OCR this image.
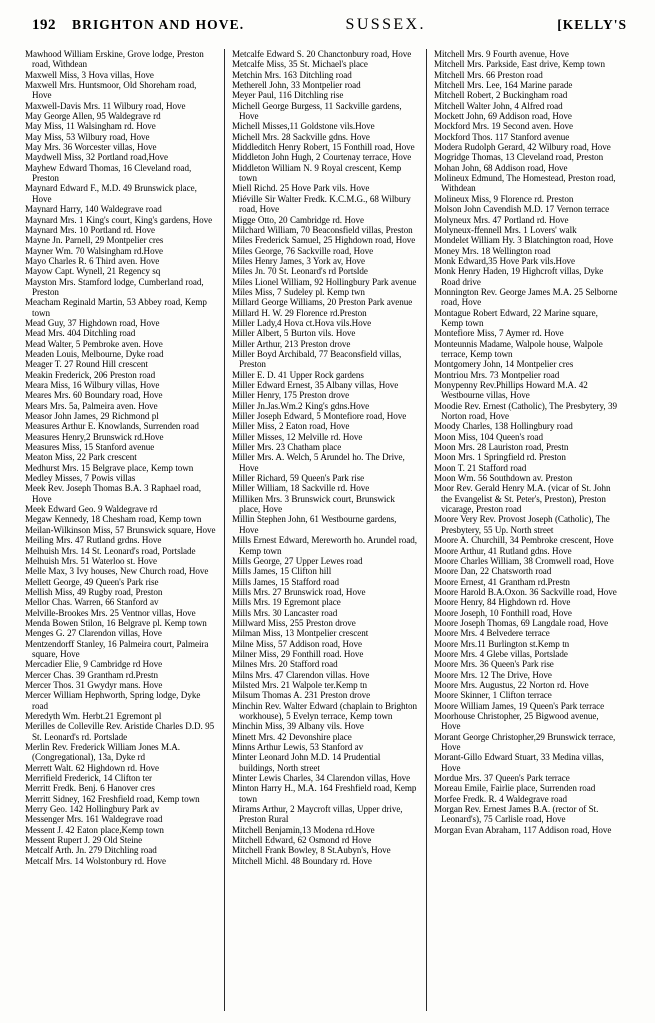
192	BRIGHTON AND HOVE.	SUSSEX.	[KELLY'S

Mawhood William Erskine, Grove lodge, Preston road, Withdean

Maxwell Miss, 3 Hova villas, Hove

Maxwell Mrs. Huntsmoor, Old Shoreham road, Hove

Maxwell-Davis Mrs. 11 Wilbury road, Hove

May George Allen, 95 Waldegrave rd

May Miss, 11 Walsingham rd. Hove

May Miss, 53 Wilbury road, Hove

May Mrs. 36 Worcester villas, Hove

Maydwell Miss, 32 Portland road,Hove

Mayhew Edward Thomas, 16 Cleveland road, Preston

Maynard Edward F., M.D. 49 Brunswick place, Hove

Maynard Harry, 140 Waldegrave road

Maynard Mrs. 1 King's court, King's gardens, Hove

Maynard Mrs. 10 Portland rd. Hove

Mayne Jn. Parnell, 29 Montpelier cres

Mayner Wm. 70 Walsingham rd.Hove

Mayo Charles R. 6 Third aven. Hove

Mayow Capt. Wynell, 21 Regency sq

Mayston Mrs. Stamford lodge, Cumberland road, Preston

Meacham Reginald Martin, 53 Abbey road, Kemp town

Mead Guy, 37 Highdown road, Hove

Mead Mrs. 404 Ditchling road

Mead Walter, 5 Pembroke aven. Hove

Meaden Louis, Melbourne, Dyke road

Meager T. 27 Round Hill crescent

Meakin Frederick, 206 Preston road

Meara Miss, 16 Wilbury villas, Hove

Meares Mrs. 60 Boundary road, Hove

Mears Mrs. 5a, Palmeira aven. Hove

Measor John James, 29 Richmond pl

Measures Arthur E. Knowlands, Surrenden road

Measures Henry,2 Brunswick rd.Hove

Measures Miss, 15 Stanford avenue

Meaton Miss, 22 Park crescent

Medhurst Mrs. 15 Belgrave place, Kemp town

Medley Misses, 7 Powis villas

Meek Rev. Joseph Thomas B.A. 3 Raphael road, Hove

Meek Edward Geo. 9 Waldegrave rd

Megaw Kennedy, 18 Chesham road, Kemp town

Meilan-Wilkinson Miss, 57 Brunswick square, Hove

Meiling Mrs. 47 Rutland grdns. Hove

Melhuish Mrs. 14 St. Leonard's road, Portslade

Melhuish Mrs. 51 Waterloo st. Hove

Melle Max, 3 Ivy houses, New Church road, Hove

Mellett George, 49 Queen's Park rise

Mellish Miss, 49 Rugby road, Preston

Mellor Chas. Warren, 66 Stanford av

Melville-Brookes Mrs. 25 Ventnor villas, Hove

Menda Bowen Stilon, 16 Belgrave pl. Kemp town

Menges G. 27 Clarendon villas, Hove

Mentzendorff Stanley, 16 Palmeira court, Palmeira square, Hove

Mercadier Elie, 9 Cambridge rd Hove

Mercer Chas. 39 Grantham rd.Prestn

Mercer Thos. 31 Gwydyr mans. Hove

Mercer William Hephworth, Spring lodge, Dyke road

Meredyth Wm. Herbt.21 Egremont pl

Merilles de Colleville Rev. Aristide Charles D.D. 95 St. Leonard's rd. Portslade

Merlin Rev. Frederick William Jones M.A. (Congregational), 13a, Dyke rd

Merrett Walt. 62 Highdown rd. Hove

Merrifield Frederick, 14 Clifton ter

Merritt Fredk. Benj. 6 Hanover cres

Merritt Sidney, 162 Freshfield road, Kemp town

Merry Geo. 142 Hollingbury Park av

Messenger Mrs. 161 Waldegrave road

Messent J. 42 Eaton place,Kemp town

Messent Rupert J. 29 Old Steine

Metcalf Arth. Jn. 279 Ditchling road

Metcalf Mrs. 14 Wolstonbury rd. Hove

Metcalfe Edward S. 20 Chanctonbury road, Hove

Metcalfe Miss, 35 St. Michael's place

Metchin Mrs. 163 Ditchling road

Metherell John, 33 Montpelier road

Meyer Paul, 116 Ditchling rise

Michell George Burgess, 11 Sackville gardens, Hove

Michell Misses,11 Goldstone vils.Hove

Michell Mrs. 28 Sackville gdns. Hove

Middleditch Henry Robert, 15 Fonthill road, Hove

Middleton John Hugh, 2 Courtenay terrace, Hove

Middleton William N. 9 Royal crescent, Kemp town

Miell Richd. 25 Hove Park vils. Hove

Miéville Sir Walter Fredk. K.C.M.G., 68 Wilbury road, Hove

Migge Otto, 20 Cambridge rd. Hove

Milchard William, 70 Beaconsfield villas, Preston

Miles Frederick Samuel, 25 Highdown road, Hove

Miles George, 76 Sackville road, Hove

Miles Henry James, 3 York av, Hove

Miles Jn. 70 St. Leonard's rd Portslde

Miles Lionel William, 92 Hollingbury Park avenue

Miles Miss, 7 Sudeley pl. Kemp twn

Millard George Williams, 20 Preston Park avenue

Millard H. W. 29 Florence rd.Preston

Miller Lady,4 Hova ct.Hova vils.Hove

Miller Albert, 5 Burton vils. Hove

Miller Arthur, 213 Preston drove

Miller Boyd Archibald, 77 Beaconsfield villas, Preston

Miller E. D. 41 Upper Rock gardens

Miller Edward Ernest, 35 Albany villas, Hove

Miller Henry, 175 Preston drove

Miller Jn.Jas.Wm.2 King's gdns.Hove

Miller Joseph Edward, 5 Montefiore road, Hove

Miller Miss, 2 Eaton road, Hove

Miller Misses, 12 Melville rd. Hove

Miller Mrs. 23 Chatham place

Miller Mrs. A. Welch, 5 Arundel ho. The Drive, Hove

Miller Richard, 59 Queen's Park rise

Miller William, 18 Sackville rd. Hove

Milliken Mrs. 3 Brunswick court, Brunswick place, Hove

Millin Stephen John, 61 Westbourne gardens, Hove

Mills Ernest Edward, Mereworth ho. Arundel road, Kemp town

Mills George, 27 Upper Lewes road

Mills James, 15 Clifton hill

Mills James, 15 Stafford road

Mills Mrs. 27 Brunswick road, Hove

Mills Mrs. 19 Egremont place

Mills Mrs. 30 Lancaster road

Millward Miss, 255 Preston drove

Milman Miss, 13 Montpelier crescent

Milne Miss, 57 Addison road, Hove

Milner Miss, 29 Fonthill road. Hove

Milnes Mrs. 20 Stafford road

Milns Mrs. 47 Clarendon villas. Hove

Milsted Mrs. 21 Walpole ter.Kemp tn

Milsum Thomas A. 231 Preston drove

Minchin Rev. Walter Edward (chaplain to Brighton workhouse), 5 Evelyn terrace, Kemp town

Minchin Miss, 39 Albany vils. Hove

Minett Mrs. 42 Devonshire place

Minns Arthur Lewis, 53 Stanford av

Minter Leonard John M.D. 14 Prudential buildings, North street

Minter Lewis Charles, 34 Clarendon villas, Hove

Minton Harry H., M.A. 164 Freshfield road, Kemp town

Mirams Arthur, 2 Maycroft villas, Upper drive, Preston Rural

Mitchell Benjamin,13 Modena rd.Hove

Mitchell Edward, 62 Osmond rd Hove

Mitchell Frank Bowley, 8 St.Aubyn's, Hove

Mitchell Michl. 48 Boundary rd. Hove

Mitchell Mrs. 9 Fourth avenue, Hove

Mitchell Mrs. Parkside, East drive, Kemp town

Mitchell Mrs. 66 Preston road

Mitchell Mrs. Lee, 164 Marine parade

Mitchell Robert, 2 Buckingham road

Mitchell Walter John, 4 Alfred road

Mockett John, 69 Addison road, Hove

Mockford Mrs. 19 Second aven. Hove

Mockford Thos. 117 Stanford avenue

Modera Rudolph Gerard, 42 Wilbury road, Hove

Mogridge Thomas, 13 Cleveland road, Preston

Mohan John, 68 Addison road, Hove

Molineux Edmund, The Homestead, Preston road, Withdean

Molineux Miss, 9 Florence rd. Preston

Molson John Cavendish M.D. 17 Vernon terrace

Molyneux Mrs. 47 Portland rd. Hove

Molyneux-ffennell Mrs. 1 Lovers' walk

Mondelet William Hy. 3 Blatchington road, Hove

Money Mrs. 18 Wellington road

Monk Edward,35 Hove Park vils.Hove

Monk Henry Haden, 19 Highcroft villas, Dyke Road drive

Monnington Rev. George James M.A. 25 Selborne road, Hove

Montague Robert Edward, 22 Marine square, Kemp town

Montefiore Miss, 7 Aymer rd. Hove

Monteunnis Madame, Walpole house, Walpole terrace, Kemp town

Montgomery John, 14 Montpelier cres

Montriou Mrs. 73 Montpelier road

Monypenny Rev.Phillips Howard M.A. 42 Westbourne villas, Hove

Moodie Rev. Ernest (Catholic), The Presbytery, 39 Norton road, Hove

Moody Charles, 138 Hollingbury road

Moon Miss, 104 Queen's road

Moon Mrs. 28 Lauriston road, Prestn

Moon Mrs. 1 Springfield rd. Preston

Moon T. 21 Stafford road

Moon Wm. 56 Southdown av. Preston

Moor Rev. Gerald Henry M.A. (vicar of St. John the Evangelist & St. Peter's, Preston), Preston vicarage, Preston road

Moore Very Rev. Provost Joseph (Catholic), The Presbytery, 55 Up. North street

Moore A. Churchill, 34 Pembroke crescent, Hove

Moore Arthur, 41 Rutland gdns. Hove

Moore Charles William, 38 Cromwell road, Hove

Moore Dan, 22 Chatsworth road

Moore Ernest, 41 Grantham rd.Prestn

Moore Harold B.A.Oxon. 36 Sackville road, Hove

Moore Henry, 84 Highdown rd. Hove

Moore Joseph, 10 Fonthill road, Hove

Moore Joseph Thomas, 69 Langdale road, Hove

Moore Mrs. 4 Belvedere terrace

Moore Mrs.11 Burlington st.Kemp tn

Moore Mrs. 4 Glebe villas, Portslade

Moore Mrs. 36 Queen's Park rise

Moore Mrs. 12 The Drive, Hove

Moore Mrs. Augustus, 22 Norton rd. Hove

Moore Skinner, 1 Clifton terrace

Moore William James, 19 Queen's Park terrace

Moorhouse Christopher, 25 Bigwood avenue, Hove

Morant George Christopher,29 Brunswick terrace, Hove

Morant-Gillo Edward Stuart, 33 Medina villas, Hove

Mordue Mrs. 37 Queen's Park terrace

Moreau Emile, Fairlie place, Surrenden road

Morfee Fredk. R. 4 Waldegrave road

Morgan Rev. Ernest James B.A. (rector of St. Leonard's), 75 Carlisle road, Hove

Morgan Evan Abraham, 117 Addison road, Hove
